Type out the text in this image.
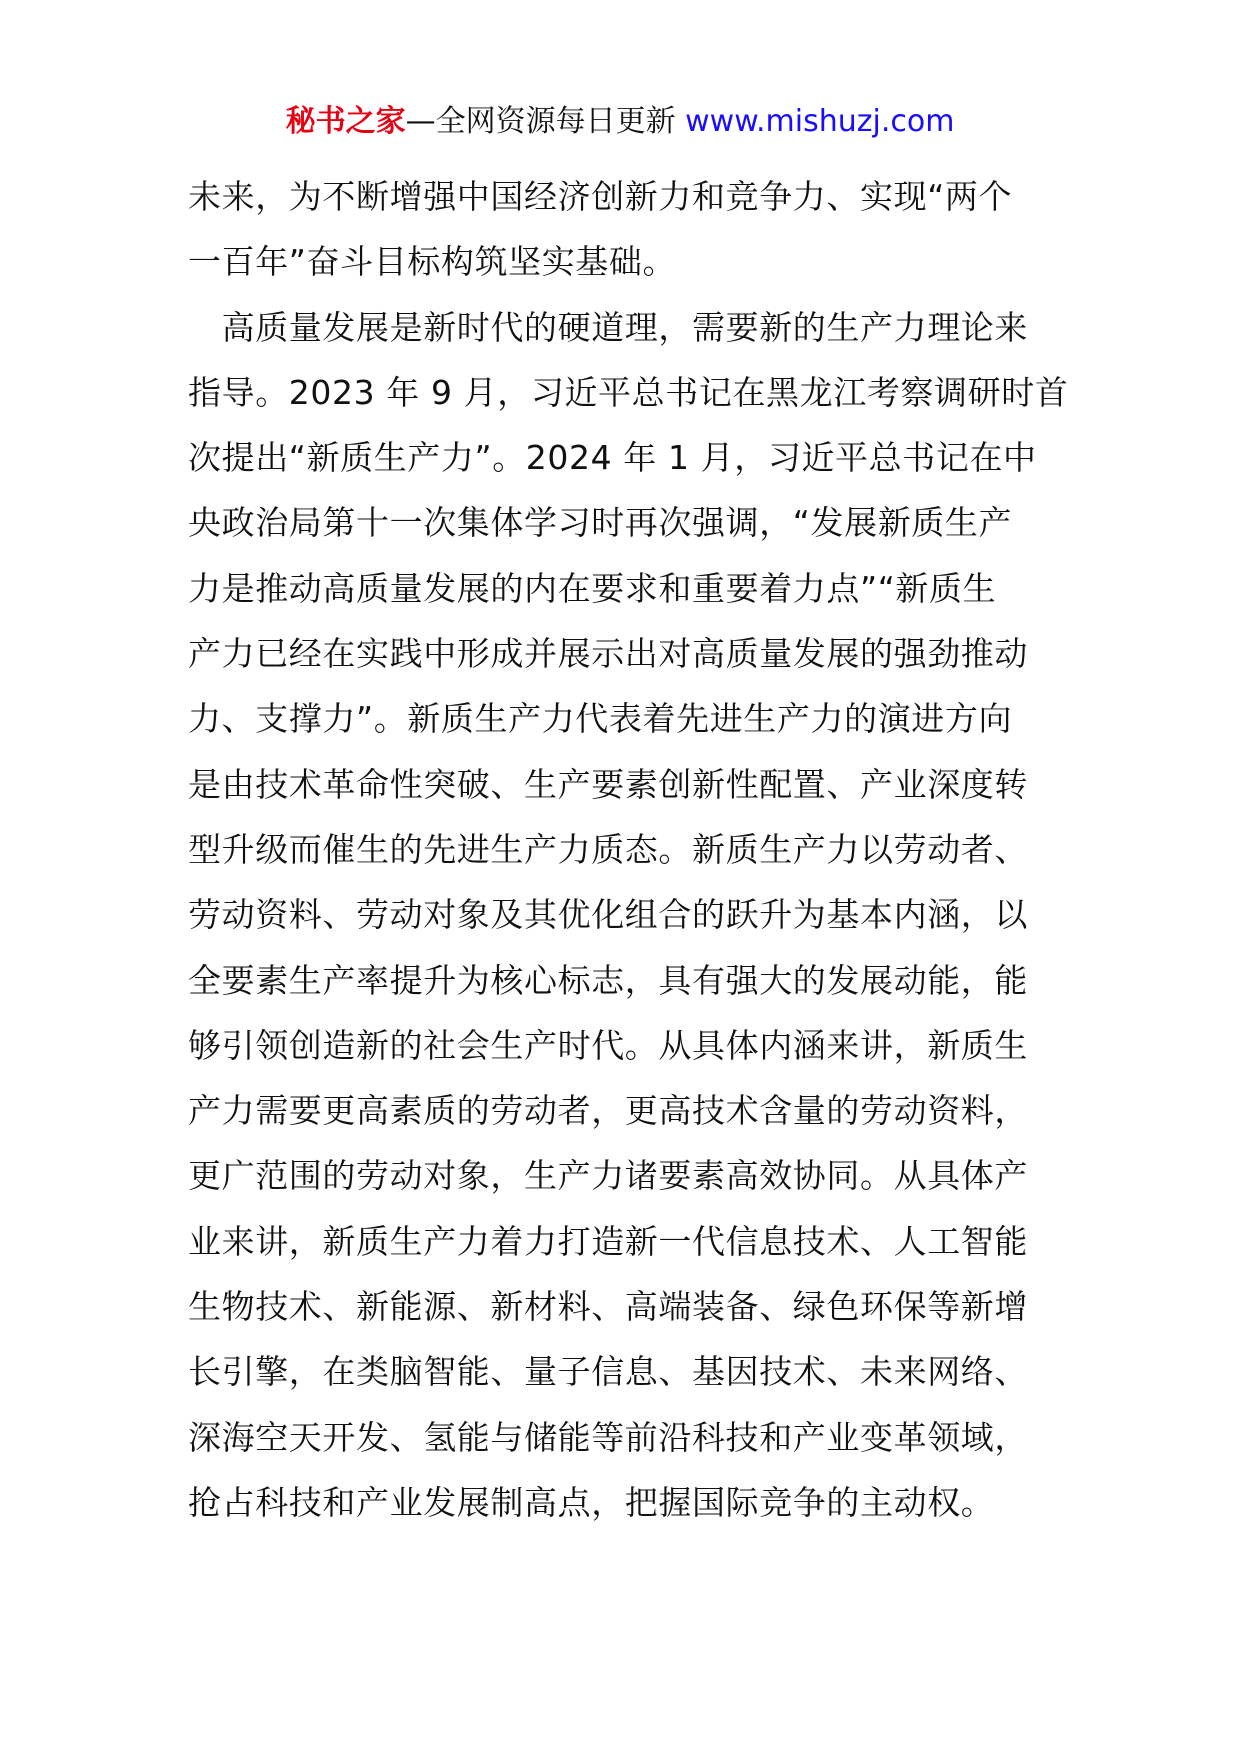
秘书之家—全网资源每日更新 www.mishuzj.com
未来，为不断增强中国经济创新力和竞争力、实现“两个
一百年”奋斗目标构筑坚实基础。
　高质量发展是新时代的硬道理，需要新的生产力理论来
指导。2023 年 9 月，习近平总书记在黑龙江考察调研时首
次提出“新质生产力”。2024 年 1 月，习近平总书记在中
央政治局第十一次集体学习时再次强调，“发展新质生产
力是推动高质量发展的内在要求和重要着力点”“新质生
产力已经在实践中形成并展示出对高质量发展的强劲推动
力、支撑力”。新质生产力代表着先进生产力的演进方向
是由技术革命性突破、生产要素创新性配置、产业深度转
型升级而催生的先进生产力质态。新质生产力以劳动者、
劳动资料、劳动对象及其优化组合的跃升为基本内涵，以
全要素生产率提升为核心标志，具有强大的发展动能，能
够引领创造新的社会生产时代。从具体内涵来讲，新质生
产力需要更高素质的劳动者，更高技术含量的劳动资料，
更广范围的劳动对象，生产力诸要素高效协同。从具体产
业来讲，新质生产力着力打造新一代信息技术、人工智能
生物技术、新能源、新材料、高端装备、绿色环保等新增
长引擎，在类脑智能、量子信息、基因技术、未来网络、
深海空天开发、氢能与储能等前沿科技和产业变革领域，
抢占科技和产业发展制高点，把握国际竞争的主动权。
